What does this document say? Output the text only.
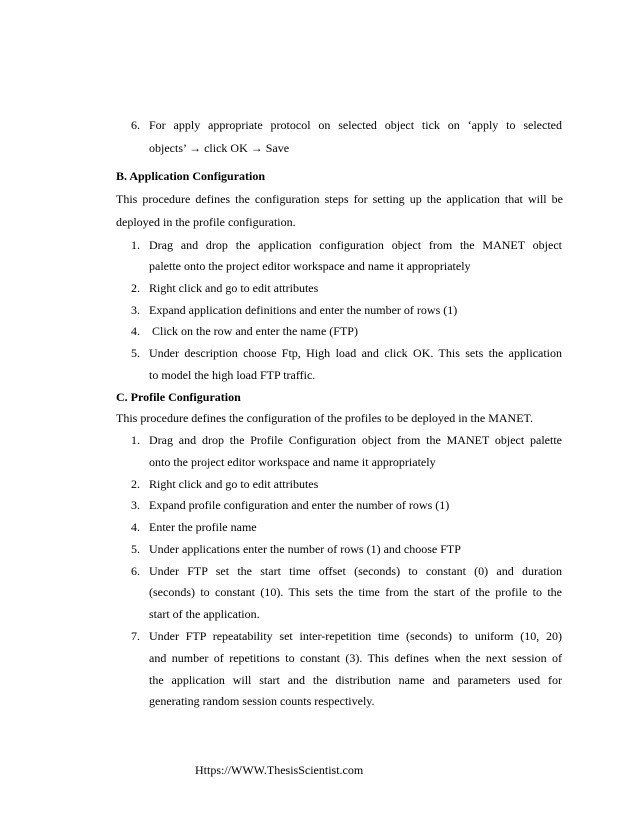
6. For apply appropriate protocol on selected object tick on ‘apply to selected
objects’ → click OK → Save
B. Application Configuration
This procedure defines the configuration steps for setting up the application that will be
deployed in the profile configuration.
1. Drag and drop the application configuration object from the MANET object
palette onto the project editor workspace and name it appropriately
2. Right click and go to edit attributes
3. Expand application definitions and enter the number of rows (1)
4. Click on the row and enter the name (FTP)
5. Under description choose Ftp, High load and click OK. This sets the application
to model the high load FTP traffic.
C. Profile Configuration
This procedure defines the configuration of the profiles to be deployed in the MANET.
1. Drag and drop the Profile Configuration object from the MANET object palette
onto the project editor workspace and name it appropriately
2. Right click and go to edit attributes
3. Expand profile configuration and enter the number of rows (1)
4. Enter the profile name
5. Under applications enter the number of rows (1) and choose FTP
6. Under FTP set the start time offset (seconds) to constant (0) and duration
(seconds) to constant (10). This sets the time from the start of the profile to the
start of the application.
7. Under FTP repeatability set inter-repetition time (seconds) to uniform (10, 20)
and number of repetitions to constant (3). This defines when the next session of
the application will start and the distribution name and parameters used for
generating random session counts respectively.
Https://WWW.ThesisScientist.com
